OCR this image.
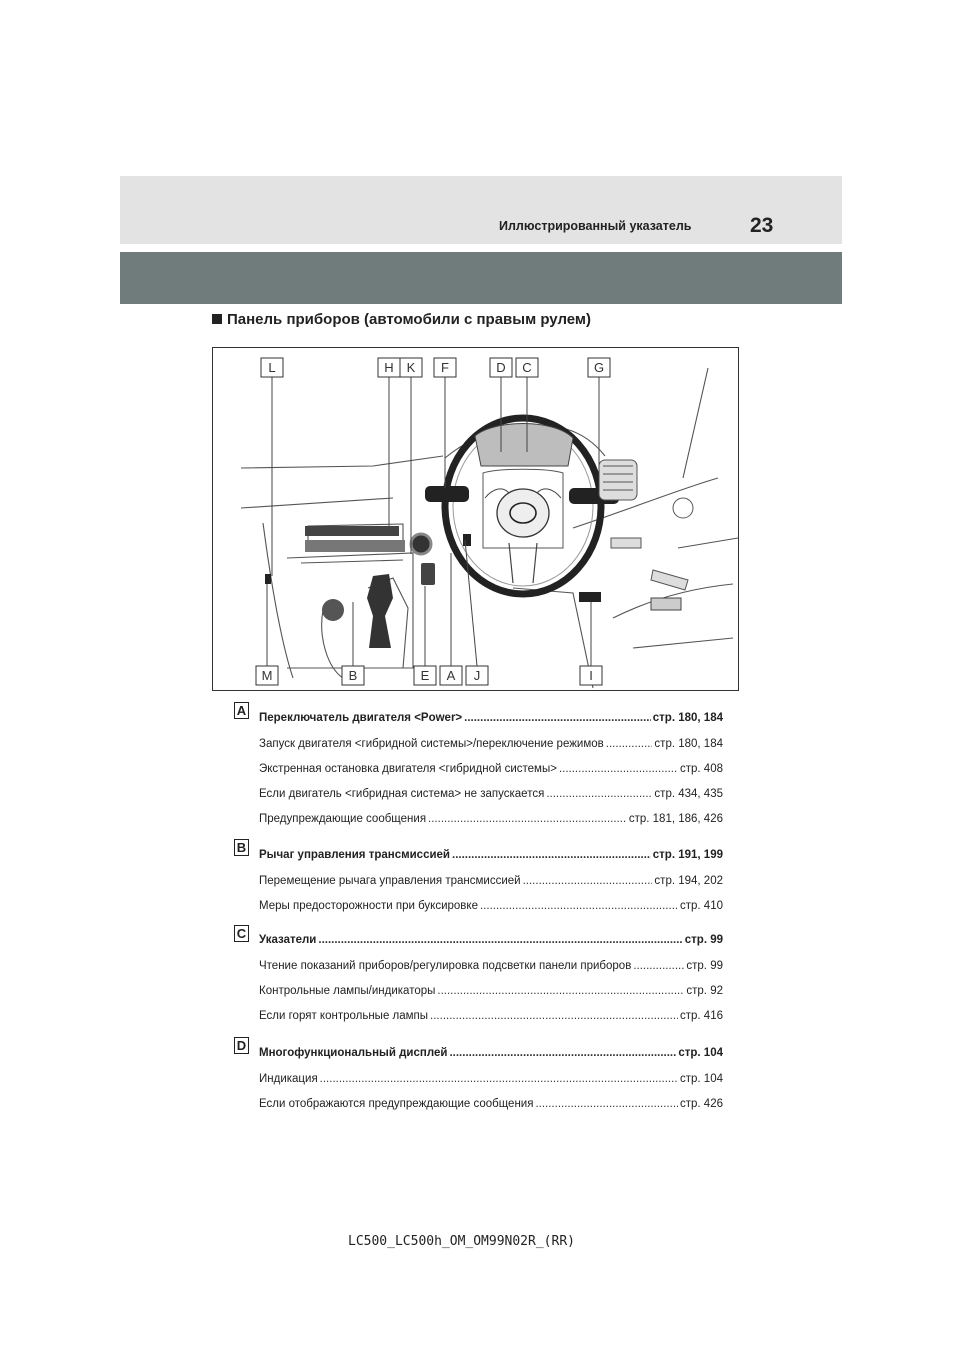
Иллюстрированный указатель	23
Панель приборов (автомобили с правым рулем)
L	H K F	D C	G
M	B	E A J	I
A Переключатель двигателя <Power> .....	стр. 180, 184
Запуск двигателя <гибридной системы>/переключение режимов .....	стр. 180, 184
Экстренная остановка двигателя <гибридной системы> .....	стр. 408
Если двигатель <гибридная система> не запускается .....	стр. 434, 435
Предупреждающие сообщения .....	стр. 181, 186, 426
B Рычаг управления трансмиссией .....	стр. 191, 199
Перемещение рычага управления трансмиссией .....	стр. 194, 202
Меры предосторожности при буксировке .....	стр. 410
C Указатели .....	стр. 99
Чтение показаний приборов/регулировка подсветки панели приборов .....	стр. 99
Контрольные лампы/индикаторы .....	стр. 92
Если горят контрольные лампы .....	стр. 416
D Многофункциональный дисплей .....	стр. 104
Индикация .....	стр. 104
Если отображаются предупреждающие сообщения .....	стр. 426
LC500_LC500h_OM_OM99N02R_(RR)
